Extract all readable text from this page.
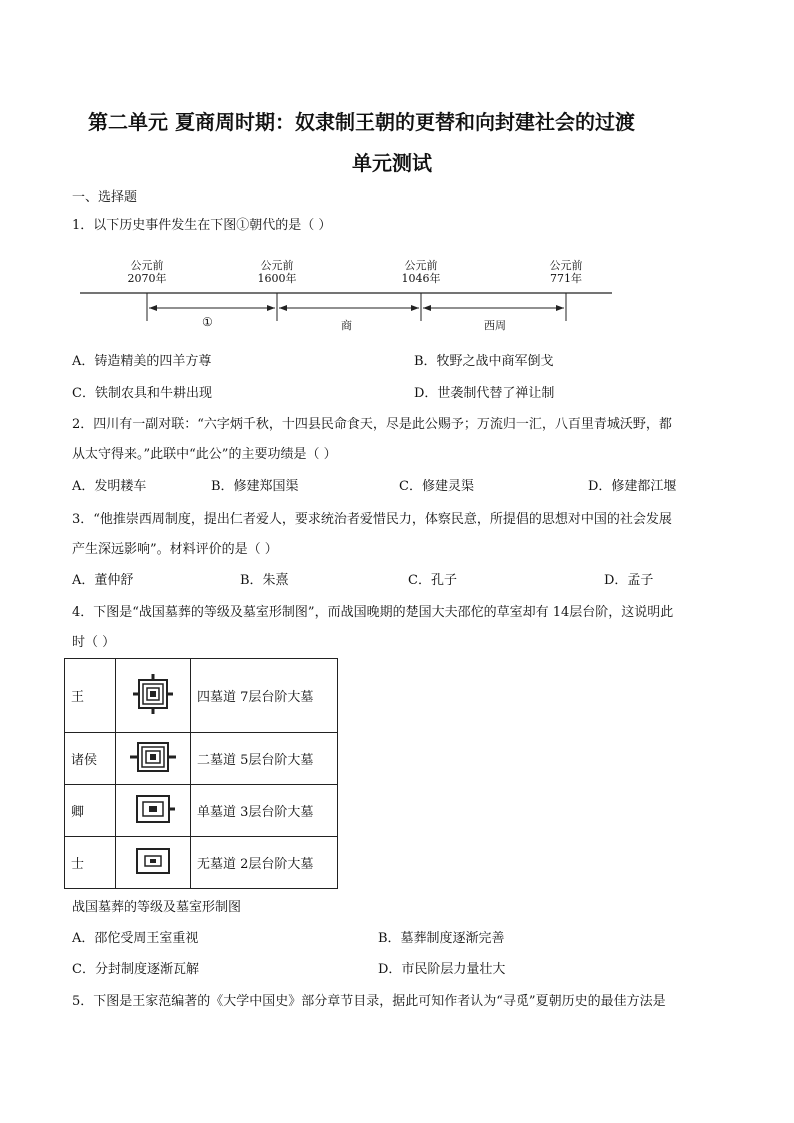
第二单元 夏商周时期：奴隶制王朝的更替和向封建社会的过渡
单元测试
一、选择题
1．以下历史事件发生在下图①朝代的是（ ）
公元前
2070年
公元前
1600年
公元前
1046年
公元前
771年
①	商	西周
A．铸造精美的四羊方尊	B．牧野之战中商军倒戈
C．铁制农具和牛耕出现	D．世袭制代替了禅让制
2．四川有一副对联：“六字炳千秋，十四县民命食天，尽是此公赐予；万流归一汇，八百里青城沃野，都
从太守得来。”此联中“此公”的主要功绩是（ ）
A．发明耧车	B．修建郑国渠	C．修建灵渠	D．修建都江堰
3．“他推崇西周制度，提出仁者爱人，要求统治者爱惜民力，体察民意，所提倡的思想对中国的社会发展
产生深远影响”。材料评价的是（ ）
A．董仲舒	B．朱熹	C．孔子	D．孟子
4．下图是“战国墓葬的等级及墓室形制图”，而战国晚期的楚国大夫邵佗的草室却有 14层台阶，这说明此
时（ ）
王		四墓道 7层台阶大墓
诸侯		二墓道 5层台阶大墓
卿		单墓道 3层台阶大墓
士		无墓道 2层台阶大墓
战国墓葬的等级及墓室形制图
A．邵佗受周王室重视	B．墓葬制度逐渐完善
C．分封制度逐渐瓦解	D．市民阶层力量壮大
5．下图是王家范编著的《大学中国史》部分章节目录，据此可知作者认为“寻觅”夏朝历史的最佳方法是
